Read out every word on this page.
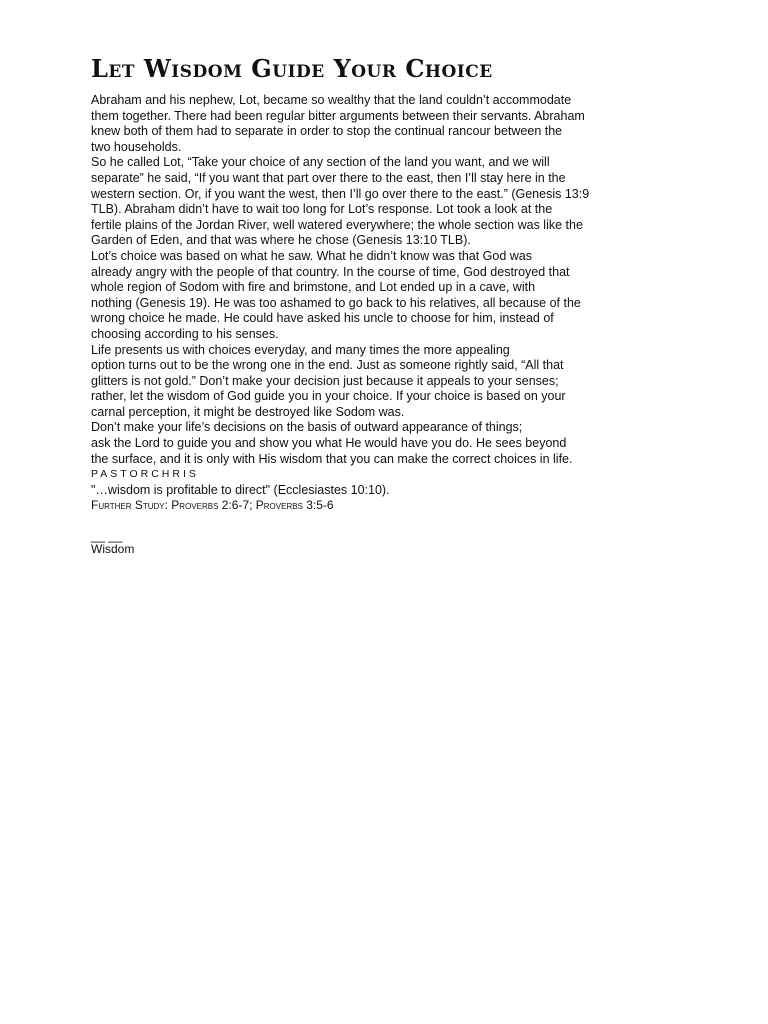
Let Wisdom Guide Your Choice
Abraham and his nephew, Lot, became so wealthy that the land couldn’t accommodate
them together. There had been regular bitter arguments between their servants. Abraham
knew both of them had to separate in order to stop the continual rancour between the
two households.
So he called Lot, “Take your choice of any section of the land you want, and we will
separate” he said, “If you want that part over there to the east, then I’ll stay here in the
western section. Or, if you want the west, then I’ll go over there to the east.” (Genesis 13:9
TLB). Abraham didn’t have to wait too long for Lot’s response. Lot took a look at the
fertile plains of the Jordan River, well watered everywhere; the whole section was like the
Garden of Eden, and that was where he chose (Genesis 13:10 TLB).
Lot’s choice was based on what he saw. What he didn’t know was that God was
already angry with the people of that country. In the course of time, God destroyed that
whole region of Sodom with fire and brimstone, and Lot ended up in a cave, with
nothing (Genesis 19). He was too ashamed to go back to his relatives, all because of the
wrong choice he made. He could have asked his uncle to choose for him, instead of
choosing according to his senses.
Life presents us with choices everyday, and many times the more appealing
option turns out to be the wrong one in the end. Just as someone rightly said, “All that
glitters is not gold.” Don’t make your decision just because it appeals to your senses;
rather, let the wisdom of God guide you in your choice. If your choice is based on your
carnal perception, it might be destroyed like Sodom was.
Don’t make your life’s decisions on the basis of outward appearance of things;
ask the Lord to guide you and show you what He would have you do. He sees beyond
the surface, and it is only with His wisdom that you can make the correct choices in life.
PASTORCHRIS
"…wisdom is profitable to direct" (Ecclesiastes 10:10).
Further Study: Proverbs 2:6-7; Proverbs 3:5-6
__ __
Wisdom
